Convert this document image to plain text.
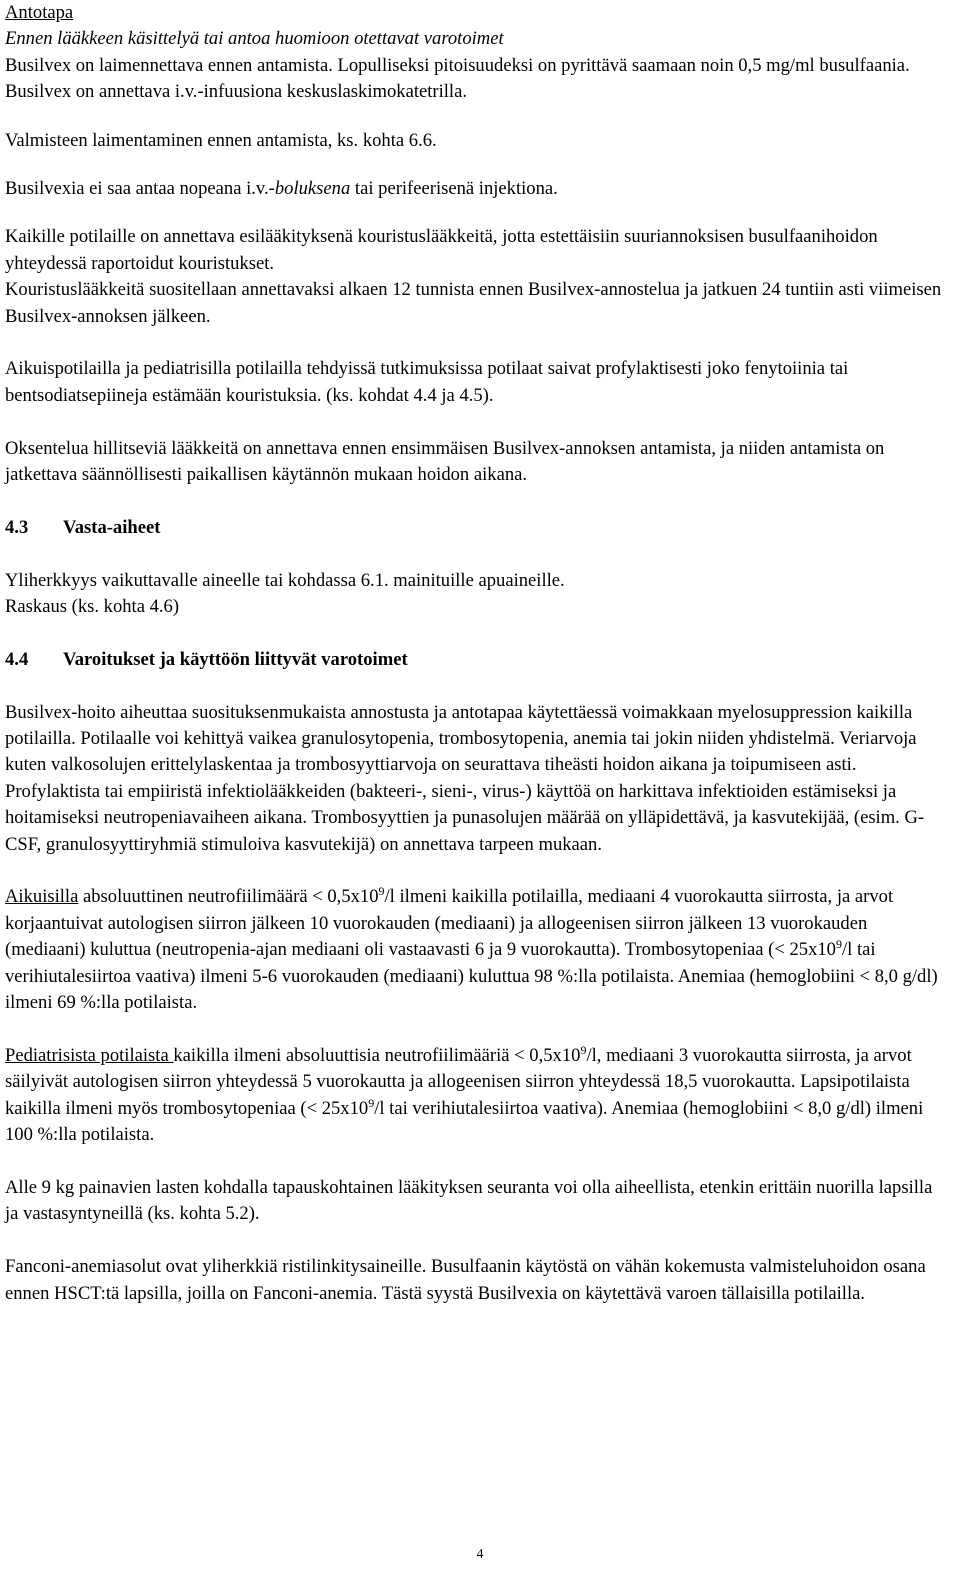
Antotapa

Ennen lääkkeen käsittelyä tai antoa huomioon otettavat varotoimet

Busilvex on laimennettava ennen antamista. Lopulliseksi pitoisuudeksi on pyrittävä saamaan noin 0,5 mg/ml busulfaania. Busilvex on annettava i.v.-infuusiona keskuslaskimokatetrilla.

Valmisteen laimentaminen ennen antamista, ks. kohta 6.6.

Busilvexia ei saa antaa nopeana i.v.-boluksena tai perifeerisenä injektiona.

Kaikille potilaille on annettava esilääkityksenä kouristuslääkkeitä, jotta estettäisiin suuriannoksisen busulfaanihoidon yhteydessä raportoidut kouristukset.

Kouristuslääkkeitä suositellaan annettavaksi alkaen 12 tunnista ennen Busilvex-annostelua ja jatkuen 24 tuntiin asti viimeisen Busilvex-annoksen jälkeen.

Aikuispotilailla ja pediatrisilla potilailla tehdyissä tutkimuksissa potilaat saivat profylaktisesti joko fenytoiinia tai bentsodiatsepiineja estämään kouristuksia. (ks. kohdat 4.4 ja 4.5).

Oksentelua hillitseviä lääkkeitä on annettava ennen ensimmäisen Busilvex-annoksen antamista, ja niiden antamista on jatkettava säännöllisesti paikallisen käytännön mukaan hoidon aikana.

4.3 Vasta-aiheet

Yliherkkyys vaikuttavalle aineelle tai kohdassa 6.1. mainituille apuaineille.

Raskaus (ks. kohta 4.6)

4.4 Varoitukset ja käyttöön liittyvät varotoimet

Busilvex-hoito aiheuttaa suosituksenmukaista annostusta ja antotapaa käytettäessä voimakkaan myelosuppression kaikilla potilailla. Potilaalle voi kehittyä vaikea granulosytopenia, trombosytopenia, anemia tai jokin niiden yhdistelmä. Veriarvoja kuten valkosolujen erittelylaskentaa ja trombosyyttiarvoja on seurattava tiheästi hoidon aikana ja toipumiseen asti.

Profylaktista tai empiiristä infektiolääkkeiden (bakteeri-, sieni-, virus-) käyttöä on harkittava infektioiden estämiseksi ja hoitamiseksi neutropeniavaiheen aikana. Trombosyyttien ja punasolujen määrää on ylläpidettävä, ja kasvutekijää, (esim. G-CSF, granulosyyttiryhmiä stimuloiva kasvutekijä) on annettava tarpeen mukaan.

Aikuisilla absoluuttinen neutrofiilimäärä < $0,5x10^9/l$ ilmeni kaikilla potilailla, mediaani 4 vuorokautta siirrosta, ja arvot korjaantuivat autologisen siirron jälkeen 10 vuorokauden (mediaani) ja allogeenisen siirron jälkeen 13 vuorokauden (mediaani) kuluttua (neutropenia-ajan mediaani oli vastaavasti 6 ja 9 vuorokautta). Trombosytopeniaa (< $25x10^9/l$ tai verihiutalesiirtoa vaativa) ilmeni 5-6 vuorokauden (mediaani) kuluttua 98 %:lla potilaista. Anemiaa (hemoglobiini < 8,0 g/dl) ilmeni 69 %:lla potilaista.

Pediatrisista potilaista kaikilla ilmeni absoluuttisia neutrofiilimääriä < $0,5x10^9/l$, mediaani 3 vuorokautta siirrosta, ja arvot säilyivät autologisen siirron yhteydessä 5 vuorokautta ja allogeenisen siirron yhteydessä 18,5 vuorokautta. Lapsipotilaista kaikilla ilmeni myös trombosytopeniaa (< $25x10^9/l$ tai verihiutalesiirtoa vaativa). Anemiaa (hemoglobiini < 8,0 g/dl) ilmeni 100 %:lla potilaista.

Alle 9 kg painavien lasten kohdalla tapauskohtainen lääkityksen seuranta voi olla aiheellista, etenkin erittäin nuorilla lapsilla ja vastasyntyneillä (ks. kohta 5.2).

Fanconi-anemiasolut ovat yliherkkiä ristilinkitysaineille. Busulfaanin käytöstä on vähän kokemusta valmisteluhoidon osana ennen HSCT:tä lapsilla, joilla on Fanconi-anemia. Tästä syystä Busilvexia on käytettävä varoen tällaisilla potilailla.

4
